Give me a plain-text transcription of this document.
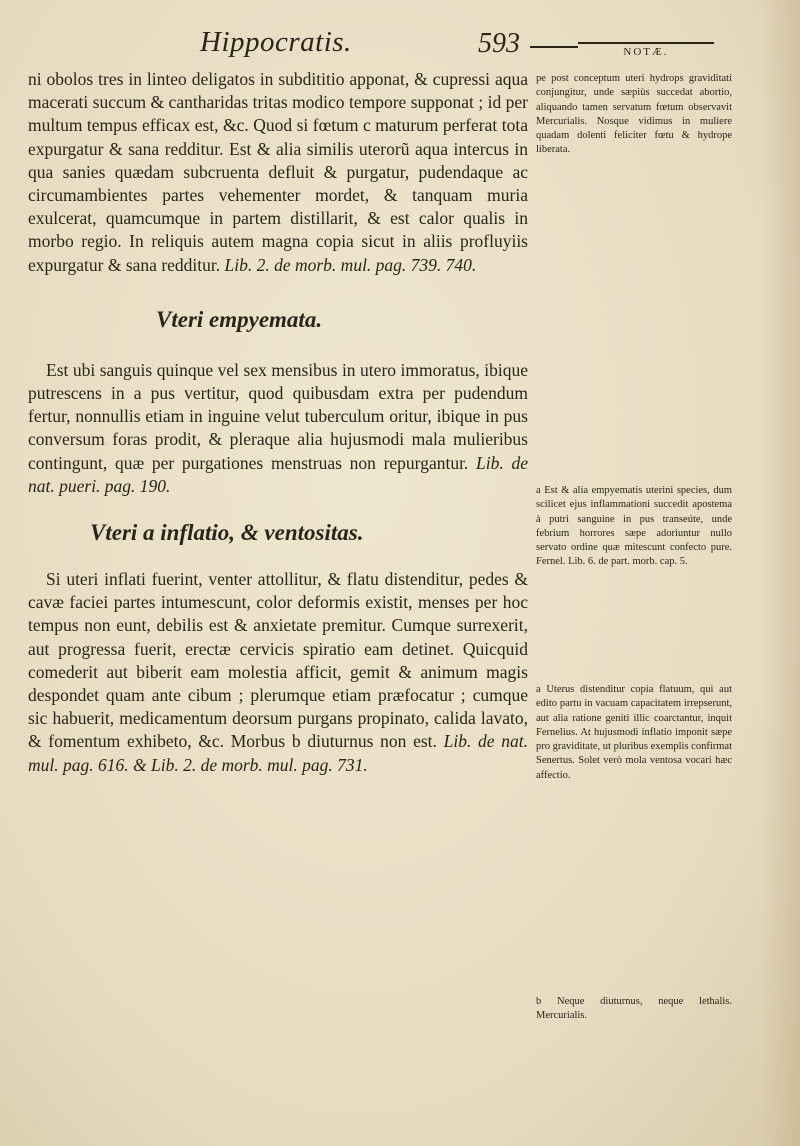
Hippocratis.	593	NOTÆ.

ni obolos tres in linteo deligatos in subdititio apponat, & cupressi aqua macerati succum & cantharidas tritas modico tempore supponat ; id per multum tempus efficax est, &c. Quod si fœtum c maturum perferat tota expurgatur & sana redditur. Est & alia similis uterorũ aqua intercus in qua sanies quædam subcruenta defluit & purgatur, pudendaque ac circumambientes partes vehementer mordet, & tanquam muria exulcerat, quamcumque in partem distillarit, & est calor qualis in morbo regio. In reliquis autem magna copia sicut in aliis profluyiis expurgatur & sana redditur. Lib. 2. de morb. mul. pag. 739. 740.

Vteri empyemata.

Est ubi sanguis quinque vel sex mensibus in utero immoratus, ibique putrescens in a pus vertitur, quod quibusdam extra per pudendum fertur, nonnullis etiam in inguine velut tuberculum oritur, ibique in pus conversum foras prodit, & pleraque alia hujusmodi mala mulieribus contingunt, quæ per purgationes menstruas non repurgantur. Lib. de nat. pueri. pag. 190.

Vteri a inflatio, & ventositas.

Si uteri inflati fuerint, venter attollitur, & flatu distenditur, pedes & cavæ faciei partes intumescunt, color deformis existit, menses per hoc tempus non eunt, debilis est & anxietate premitur. Cumque surrexerit, aut progressa fuerit, erectæ cervicis spiratio eam detinet. Quicquid comederit aut biberit eam molestia afficit, gemit & animum magis despondet quam ante cibum ; plerumque etiam præfocatur ; cumque sic habuerit, medicamentum deorsum purgans propinato, calida lavato, & fomentum exhibeto, &c. Morbus b diuturnus non est. Lib. de nat. mul. pag. 616. & Lib. 2. de morb. mul. pag. 731.

pe post conceptum uteri hydrops graviditati conjungitur, unde sæpiùs succedat abortio, aliquando tamen servatum fœtum observavit Mercurialis. Nosque vidimus in muliere quadam dolenti feliciter fœtu & hydrope liberata.

a Est & alia empyematis uterini species, dum scilicet ejus inflammationi succedit apostema à putri sanguine in pus transeúte, unde febrium horrores sæpe adoriuntur nullo servato ordine quæ mitescunt confecto pure. Fernel. Lib. 6. de part. morb. cap. 5.

a Uterus distenditur copia flatuum, qui aut edito partu in vacuam capacitatem irrepserunt, aut alia ratione geniti illic coarctantur, inquit Fernelius. At hujusmodi inflatio imponit sæpe pro graviditate, ut pluribus exemplis confirmat Senertus. Solet verò mola ventosa vocari hæc affectio.

b Neque diuturnus, neque lethalis. Mercurialis.
